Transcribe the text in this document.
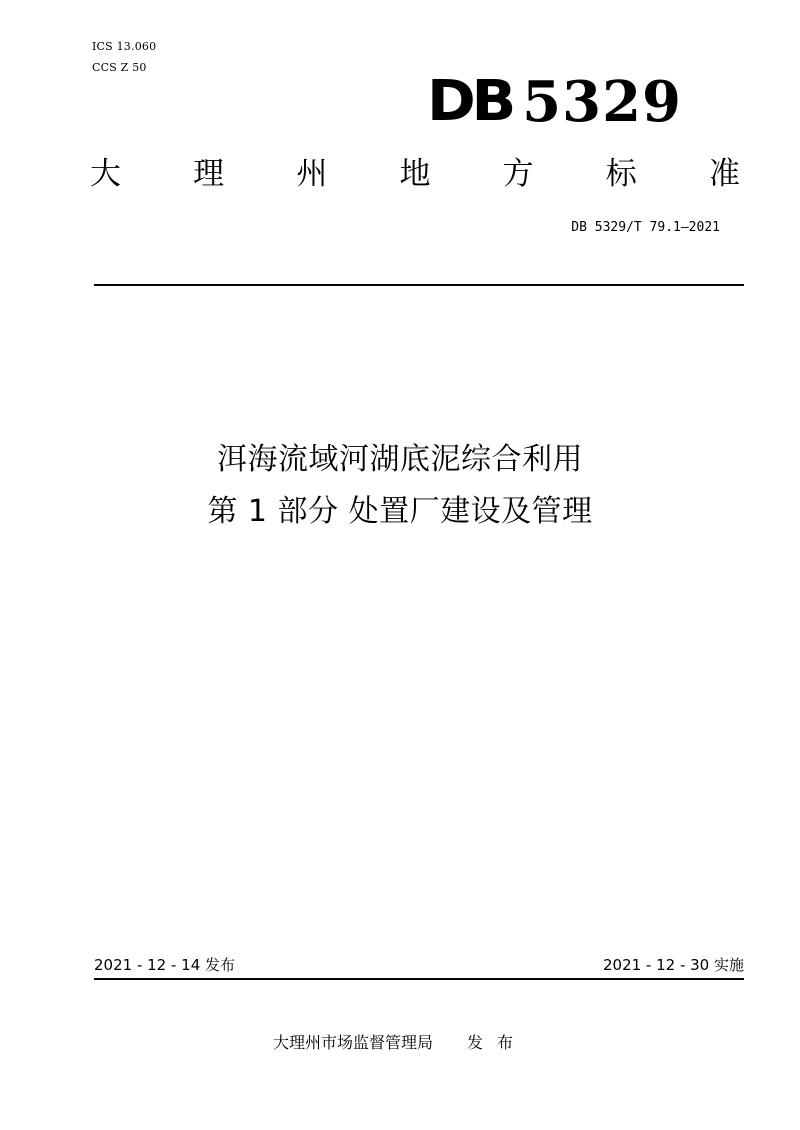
ICS 13.060
CCS Z 50
DB 5329
大 理 州 地 方 标 准
DB 5329/T 79.1—2021
洱海流域河湖底泥综合利用
第 1 部分 处置厂建设及管理
2021 - 12 - 14 发布	2021 - 12 - 30 实施
大理州市场监督管理局 发布
